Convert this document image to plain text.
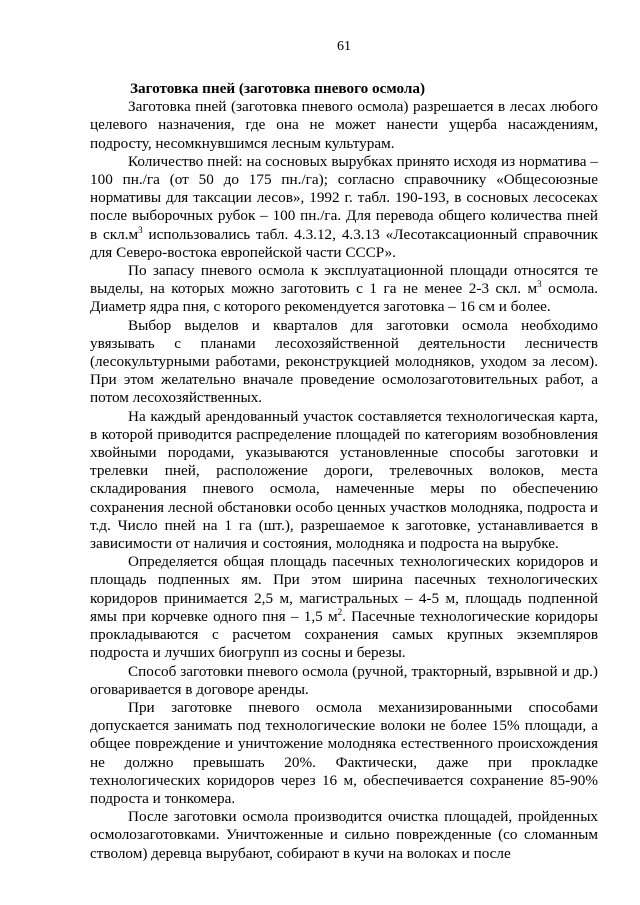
61
Заготовка пней (заготовка пневого осмола)

Заготовка пней (заготовка пневого осмола) разрешается в лесах любого целевого назначения, где она не может нанести ущерба насаждениям, подросту, несомкнувшимся лесным культурам.

Количество пней: на сосновых вырубках принято исходя из норматива – 100 пн./га (от 50 до 175 пн./га); согласно справочнику «Общесоюзные нормативы для таксации лесов», 1992 г. табл. 190-193, в сосновых лесосеках после выборочных рубок – 100 пн./га. Для перевода общего количества пней в $скл.м^3$ использовались табл. 4.3.12, 4.3.13 «Лесотаксационный справочник для Северо-востока европейской части СССР».

По запасу пневого осмола к эксплуатационной площади относятся те выделы, на которых можно заготовить с 1 га не менее 2-3 скл. $м^3$ осмола. Диаметр ядра пня, с которого рекомендуется заготовка – 16 см и более.

Выбор выделов и кварталов для заготовки осмола необходимо увязывать с планами лесохозяйственной деятельности лесничеств (лесокультурными работами, реконструкцией молодняков, уходом за лесом). При этом желательно вначале проведение осмолозаготовительных работ, а потом лесохозяйственных.

На каждый арендованный участок составляется технологическая карта, в которой приводится распределение площадей по категориям возобновления хвойными породами, указываются установленные способы заготовки и трелевки пней, расположение дороги, трелевочных волоков, места складирования пневого осмола, намеченные меры по обеспечению сохранения лесной обстановки особо ценных участков молодняка, подроста и т.д. Число пней на 1 га (шт.), разрешаемое к заготовке, устанавливается в зависимости от наличия и состояния, молодняка и подроста на вырубке.

Определяется общая площадь пасечных технологических коридоров и площадь подпенных ям. При этом ширина пасечных технологических коридоров принимается 2,5 м, магистральных – 4-5 м, площадь подпенной ямы при корчевке одного пня – 1,5 $м^2$. Пасечные технологические коридоры прокладываются с расчетом сохранения самых крупных экземпляров подроста и лучших биогрупп из сосны и березы.

Способ заготовки пневого осмола (ручной, тракторный, взрывной и др.) оговаривается в договоре аренды.

При заготовке пневого осмола механизированными способами допускается занимать под технологические волоки не более 15% площади, а общее повреждение и уничтожение молодняка естественного происхождения не должно превышать 20%. Фактически, даже при прокладке технологических коридоров через 16 м, обеспечивается сохранение 85-90% подроста и тонкомера.

После заготовки осмола производится очистка площадей, пройденных осмолозаготовками. Уничтоженные и сильно поврежденные (со сломанным стволом) деревца вырубают, собирают в кучи на волоках и после
